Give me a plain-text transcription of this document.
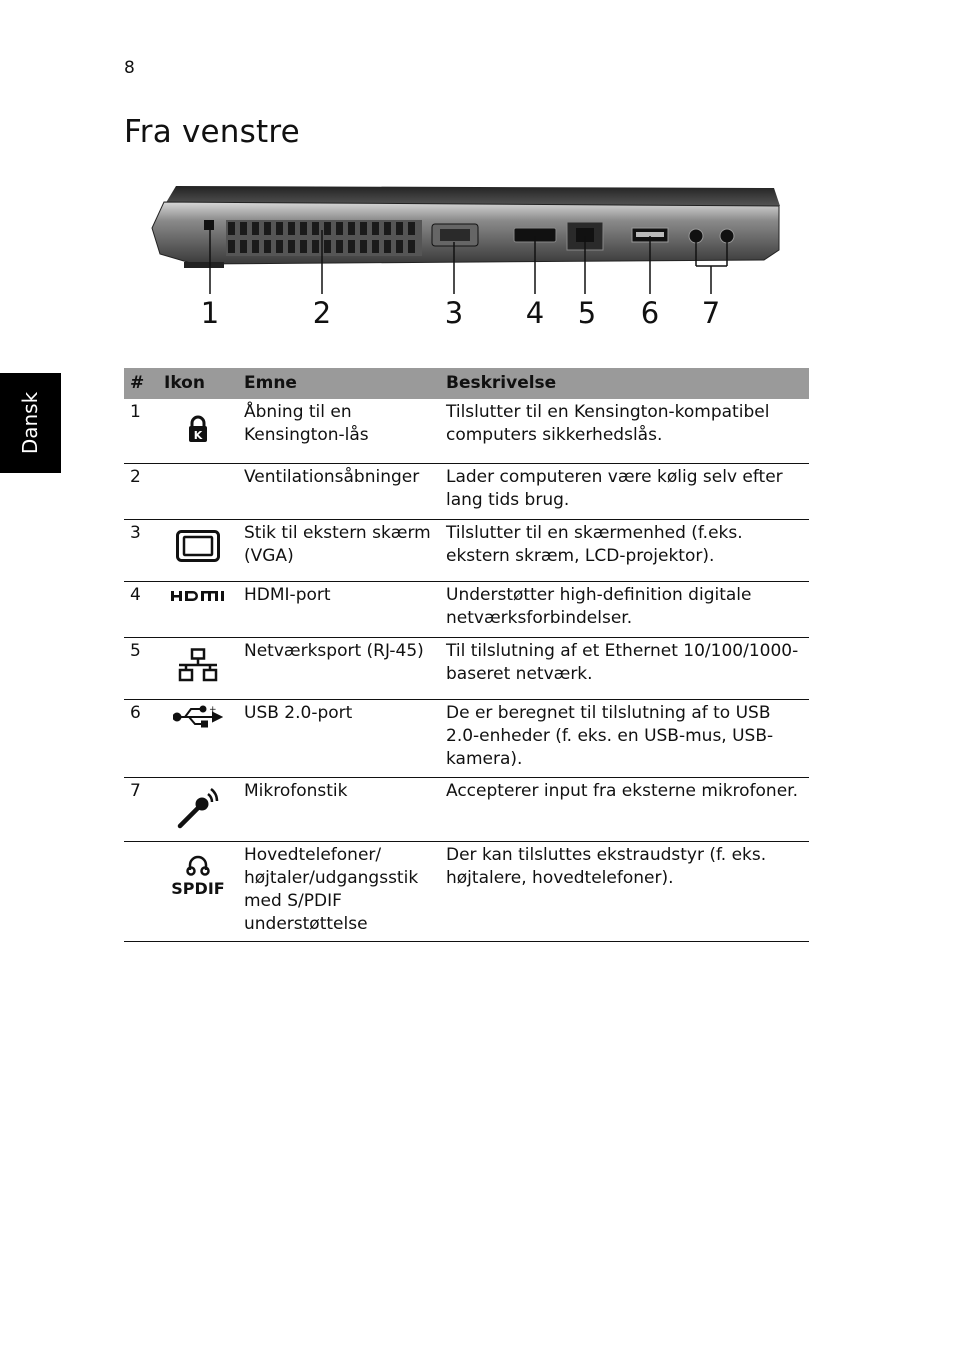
8
Fra venstre
Dansk
1	2	3 4 5 6 7
#	Ikon	Emne	Beskrivelse
1	K	Åbning til en Kensington-lås	Tilslutter til en Kensington-kompatibel computers sikkerhedslås.
2		Ventilationsåbninger	Lader computeren være kølig selv efter lang tids brug.
3		Stik til ekstern skærm (VGA)	Tilslutter til en skærmenhed (f.eks. ekstern skræm, LCD-projektor).
4		HDMI-port	Understøtter high-definition digitale netværksforbindelser.
5		Netværksport (RJ-45)	Til tilslutning af et Ethernet 10/100/1000-baseret netværk.
6	+	USB 2.0-port	De er beregnet til tilslutning af to USB 2.0-enheder (f. eks. en USB-mus, USB-kamera).
7		Mikrofonstik	Accepterer input fra eksterne mikrofoner.

	SPDIF	Hovedtelefoner/ højtaler/udgangsstik med S/PDIF understøttelse	Der kan tilsluttes ekstraudstyr (f. eks. højtalere, hovedtelefoner).
